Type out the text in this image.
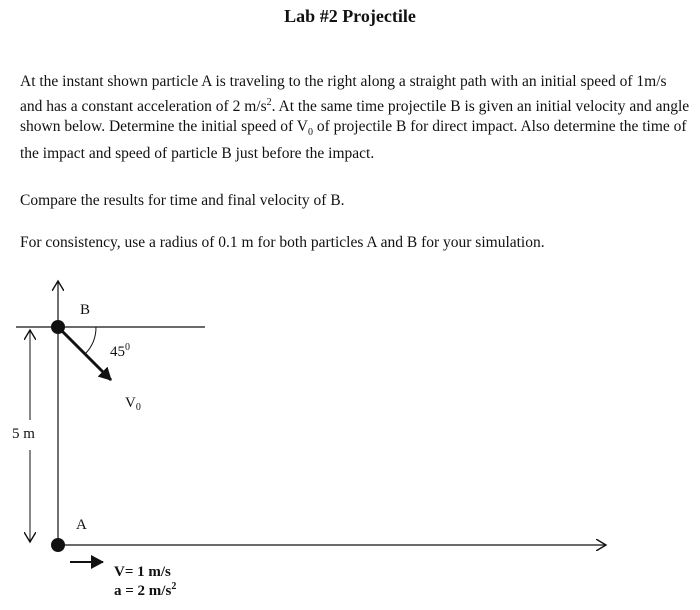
Lab #2 Projectile
At the instant shown particle A is traveling to the right along a straight path with an initial speed of 1m/s and has a constant acceleration of 2 $m/s^2$. At the same time projectile B is given an initial velocity and angle shown below. Determine the initial speed of $V_0$ of projectile B for direct impact. Also determine the time of the impact and speed of particle B just before the impact.
Compare the results for time and final velocity of B.
For consistency, use a radius of 0.1 m for both particles A and B for your simulation.
5 m
B
A
$45^0$
$V_0$
V= 1 m/s
a = 2 $m/s^2$
